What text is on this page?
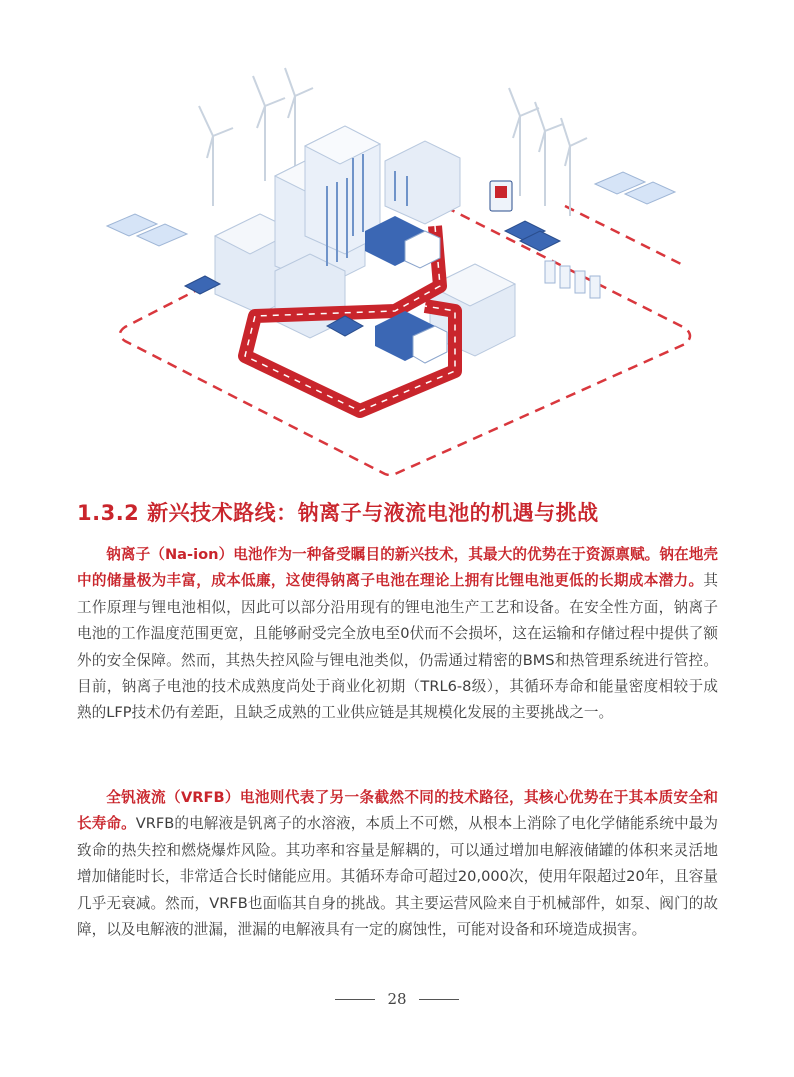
1.3.2 新兴技术路线：钠离子与液流电池的机遇与挑战

钠离子（Na-ion）电池作为一种备受瞩目的新兴技术，其最大的优势在于资源禀赋。钠在地壳中的储量极为丰富，成本低廉，这使得钠离子电池在理论上拥有比锂电池更低的长期成本潜力。其工作原理与锂电池相似，因此可以部分沿用现有的锂电池生产工艺和设备。在安全性方面，钠离子电池的工作温度范围更宽，且能够耐受完全放电至0伏而不会损坏，这在运输和存储过程中提供了额外的安全保障。然而，其热失控风险与锂电池类似，仍需通过精密的BMS和热管理系统进行管控。目前，钠离子电池的技术成熟度尚处于商业化初期（TRL6-8级），其循环寿命和能量密度相较于成熟的LFP技术仍有差距，且缺乏成熟的工业供应链是其规模化发展的主要挑战之一。

全钒液流（VRFB）电池则代表了另一条截然不同的技术路径，其核心优势在于其本质安全和长寿命。VRFB的电解液是钒离子的水溶液，本质上不可燃，从根本上消除了电化学储能系统中最为致命的热失控和燃烧爆炸风险。其功率和容量是解耦的，可以通过增加电解液储罐的体积来灵活地增加储能时长，非常适合长时储能应用。其循环寿命可超过20,000次，使用年限超过20年，且容量几乎无衰减。然而，VRFB也面临其自身的挑战。其主要运营风险来自于机械部件，如泵、阀门的故障，以及电解液的泄漏，泄漏的电解液具有一定的腐蚀性，可能对设备和环境造成损害。

28
